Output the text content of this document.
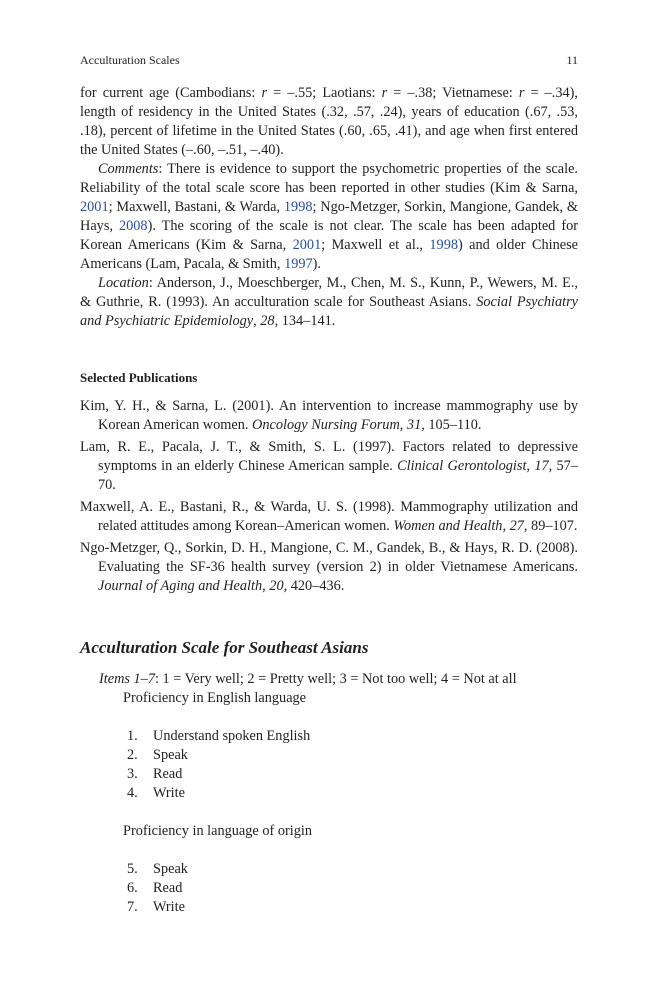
Acculturation Scales	11

for current age (Cambodians: r = –.55; Laotians: r = –.38; Vietnamese: r = –.34), length of residency in the United States (.32, .57, .24), years of education (.67, .53, .18), percent of lifetime in the United States (.60, .65, .41), and age when first entered the United States (–.60, –.51, –.40).

Comments: There is evidence to support the psychometric properties of the scale. Reliability of the total scale score has been reported in other studies (Kim & Sarna, 2001; Maxwell, Bastani, & Warda, 1998; Ngo-Metzger, Sorkin, Mangione, Gandek, & Hays, 2008). The scoring of the scale is not clear. The scale has been adapted for Korean Americans (Kim & Sarna, 2001; Maxwell et al., 1998) and older Chinese Americans (Lam, Pacala, & Smith, 1997).

Location: Anderson, J., Moeschberger, M., Chen, M. S., Kunn, P., Wewers, M. E., & Guthrie, R. (1993). An acculturation scale for Southeast Asians. Social Psychiatry and Psychiatric Epidemiology, 28, 134–141.

Selected Publications

Kim, Y. H., & Sarna, L. (2001). An intervention to increase mammography use by Korean American women. Oncology Nursing Forum, 31, 105–110.

Lam, R. E., Pacala, J. T., & Smith, S. L. (1997). Factors related to depressive symptoms in an elderly Chinese American sample. Clinical Gerontologist, 17, 57–70.

Maxwell, A. E., Bastani, R., & Warda, U. S. (1998). Mammography utilization and related attitudes among Korean–American women. Women and Health, 27, 89–107.

Ngo-Metzger, Q., Sorkin, D. H., Mangione, C. M., Gandek, B., & Hays, R. D. (2008). Evaluating the SF-36 health survey (version 2) in older Vietnamese Americans. Journal of Aging and Health, 20, 420–436.

Acculturation Scale for Southeast Asians
Items 1–7: 1 = Very well; 2 = Pretty well; 3 = Not too well; 4 = Not at all
Proficiency in English language
1.	Understand spoken English
2.	Speak
3.	Read
4.	Write
Proficiency in language of origin
5.	Speak
6.	Read
7.	Write
